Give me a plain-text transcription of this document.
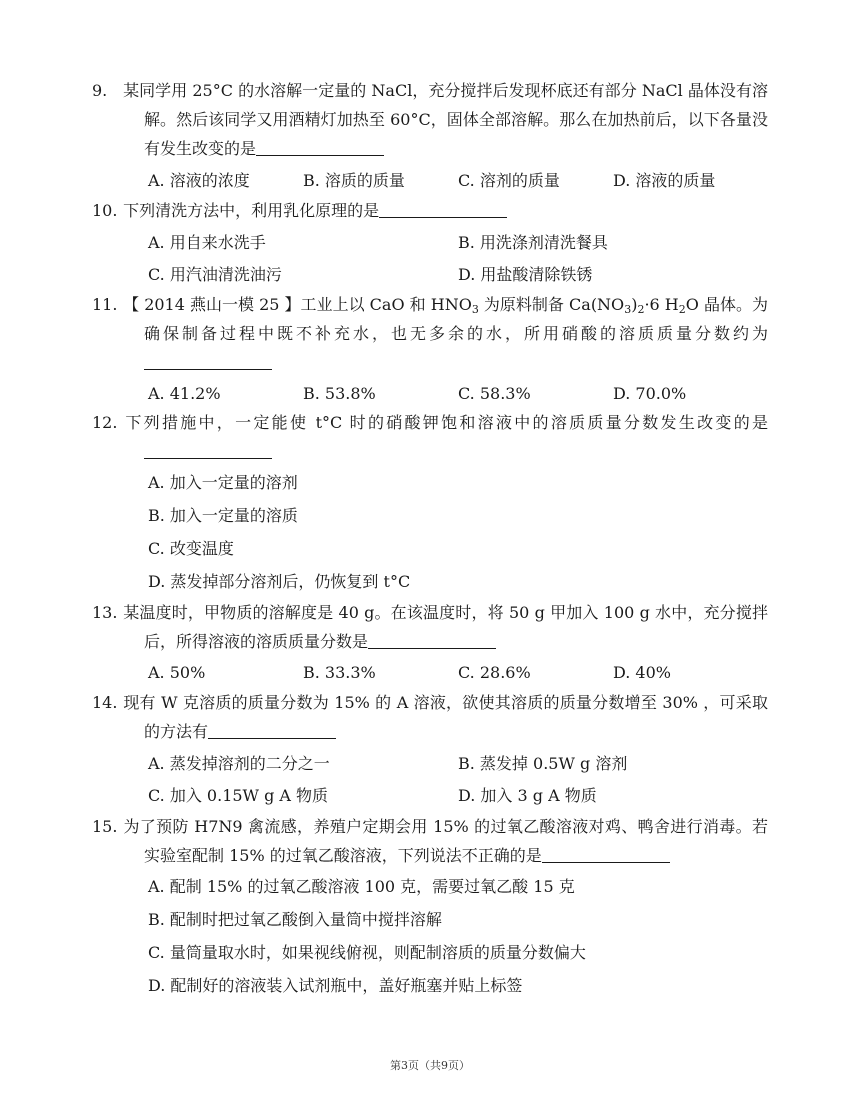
9. 某同学用 25°C 的水溶解一定量的 NaCl，充分搅拌后发现杯底还有部分 NaCl 晶体没有溶解。然后该同学又用酒精灯加热至 60°C，固体全部溶解。那么在加热前后，以下各量没有发生改变的是
A. 溶液的浓度	B. 溶质的质量	C. 溶剂的质量	D. 溶液的质量
10. 下列清洗方法中，利用乳化原理的是
A. 用自来水洗手	B. 用洗涤剂清洗餐具
C. 用汽油清洗油污	D. 用盐酸清除铁锈
11. 【 2014 燕山一模 25 】工业上以 CaO 和 $HNO_3$ 为原料制备 $Ca(NO_3)_2\cdot 6$ $H_2O$ 晶体。为确保制备过程中既不补充水，也无多余的水，所用硝酸的溶质质量分数约为
A. 41.2%	B. 53.8%	C. 58.3%	D. 70.0%
12. 下列措施中，一定能使 t°C 时的硝酸钾饱和溶液中的溶质质量分数发生改变的是
A. 加入一定量的溶剂
B. 加入一定量的溶质
C. 改变温度
D. 蒸发掉部分溶剂后，仍恢复到 t°C
13. 某温度时，甲物质的溶解度是 40 g。在该温度时，将 50 g 甲加入 100 g 水中，充分搅拌后，所得溶液的溶质质量分数是
A. 50%	B. 33.3%	C. 28.6%	D. 40%
14. 现有 W 克溶质的质量分数为 15% 的 A 溶液，欲使其溶质的质量分数增至 30% ，可采取的方法有
A. 蒸发掉溶剂的二分之一	B. 蒸发掉 0.5W g 溶剂
C. 加入 0.15W g A 物质	D. 加入 3 g A 物质
15. 为了预防 H7N9 禽流感，养殖户定期会用 15% 的过氧乙酸溶液对鸡、鸭舍进行消毒。若实验室配制 15% 的过氧乙酸溶液，下列说法不正确的是
A. 配制 15% 的过氧乙酸溶液 100 克，需要过氧乙酸 15 克
B. 配制时把过氧乙酸倒入量筒中搅拌溶解
C. 量筒量取水时，如果视线俯视，则配制溶质的质量分数偏大
D. 配制好的溶液装入试剂瓶中，盖好瓶塞并贴上标签
第3页（共9页）
